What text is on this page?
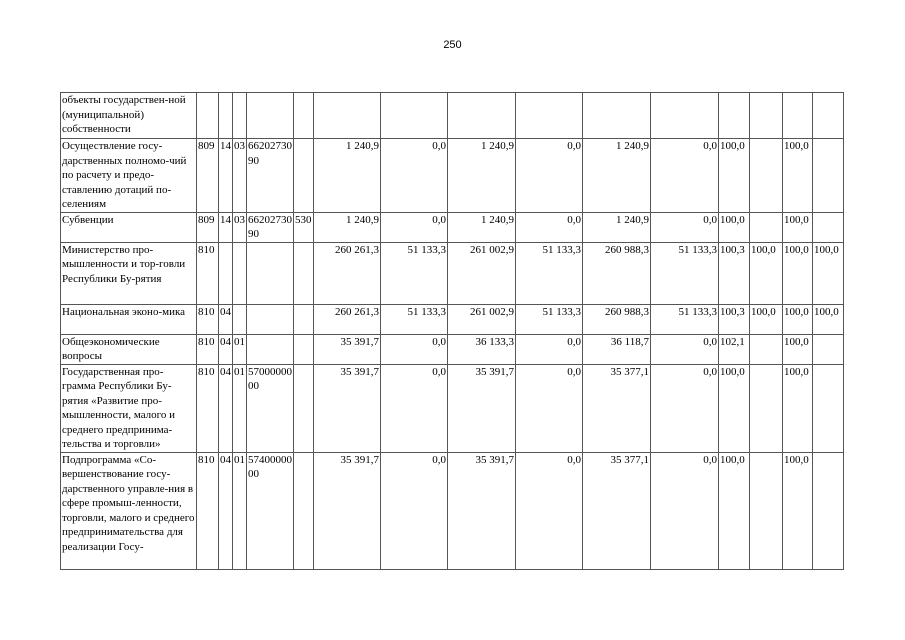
250
объекты государствен-ной (муниципальной) собственности															
Осуществление госу-дарственных полномо-чий по расчету и предо-ставлению дотаций по-селениям	809	14	03	6620273090		1 240,9	0,0	1 240,9	0,0	1 240,9	0,0	100,0		100,0	
Субвенции	809	14	03	6620273090	530	1 240,9	0,0	1 240,9	0,0	1 240,9	0,0	100,0		100,0	
Министерство про-мышленности и тор-говли Республики Бу-рятия	810					260 261,3	51 133,3	261 002,9	51 133,3	260 988,3	51 133,3	100,3	100,0	100,0	100,0
Национальная эконо-мика	810	04				260 261,3	51 133,3	261 002,9	51 133,3	260 988,3	51 133,3	100,3	100,0	100,0	100,0
Общеэкономические вопросы	810	04	01			35 391,7	0,0	36 133,3	0,0	36 118,7	0,0	102,1		100,0	
Государственная про-грамма Республики Бу-рятия «Развитие про-мышленности, малого и среднего предпринима-тельства и торговли»	810	04	01	5700000000		35 391,7	0,0	35 391,7	0,0	35 377,1	0,0	100,0		100,0	
Подпрограмма «Со-вершенствование госу-дарственного управле-ния в сфере промыш-ленности, торговли, малого и среднего предпринимательства для реализации Госу-	810	04	01	5740000000		35 391,7	0,0	35 391,7	0,0	35 377,1	0,0	100,0		100,0	
